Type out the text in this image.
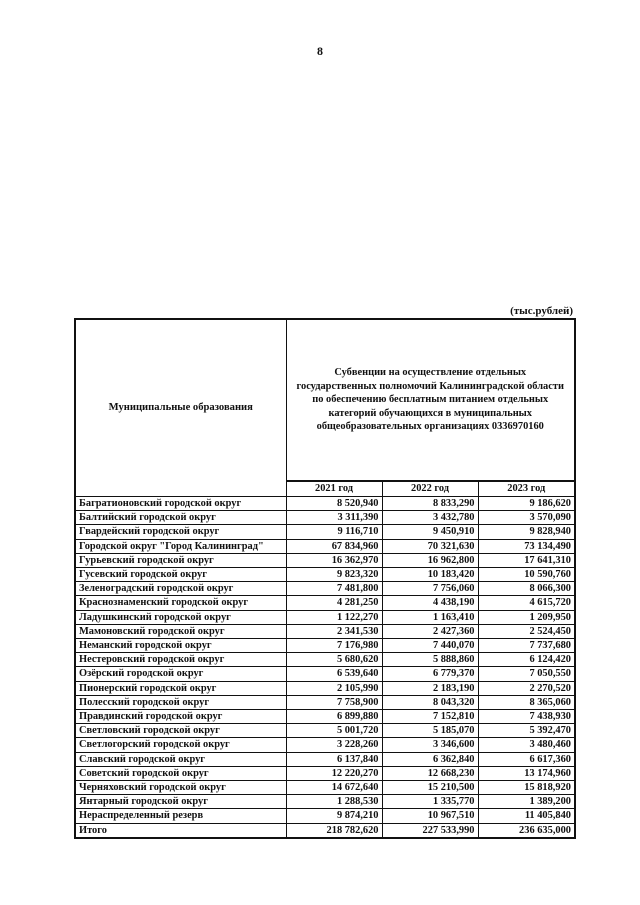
8
(тыс.рублей)
Муниципальные образования	Субвенции на осуществление отдельных государственных полномочий Калининградской области по обеспечению бесплатным питанием отдельных категорий обучающихся в муниципальных общеобразовательных организациях 0336970160		
	2021 год	2022 год	2023 год
Багратионовский городской округ	8 520,940	8 833,290	9 186,620
Балтийский городской округ	3 311,390	3 432,780	3 570,090
Гвардейский городской округ	9 116,710	9 450,910	9 828,940
Городской округ "Город Калининград"	67 834,960	70 321,630	73 134,490
Гурьевский городской округ	16 362,970	16 962,800	17 641,310
Гусевский городской округ	9 823,320	10 183,420	10 590,760
Зеленоградский городской округ	7 481,800	7 756,060	8 066,300
Краснознаменский городской округ	4 281,250	4 438,190	4 615,720
Ладушкинский городской округ	1 122,270	1 163,410	1 209,950
Мамоновский городской округ	2 341,530	2 427,360	2 524,450
Неманский городской округ	7 176,980	7 440,070	7 737,680
Нестеровский городской округ	5 680,620	5 888,860	6 124,420
Озёрский городской округ	6 539,640	6 779,370	7 050,550
Пионерский городской округ	2 105,990	2 183,190	2 270,520
Полесский городской округ	7 758,900	8 043,320	8 365,060
Правдинский городской округ	6 899,880	7 152,810	7 438,930
Светловский городской округ	5 001,720	5 185,070	5 392,470
Светлогорский городской округ	3 228,260	3 346,600	3 480,460
Славский городской округ	6 137,840	6 362,840	6 617,360
Советский городской округ	12 220,270	12 668,230	13 174,960
Черняховский городской округ	14 672,640	15 210,500	15 818,920
Янтарный городской округ	1 288,530	1 335,770	1 389,200
Нераспределенный резерв	9 874,210	10 967,510	11 405,840
Итого	218 782,620	227 533,990	236 635,000
